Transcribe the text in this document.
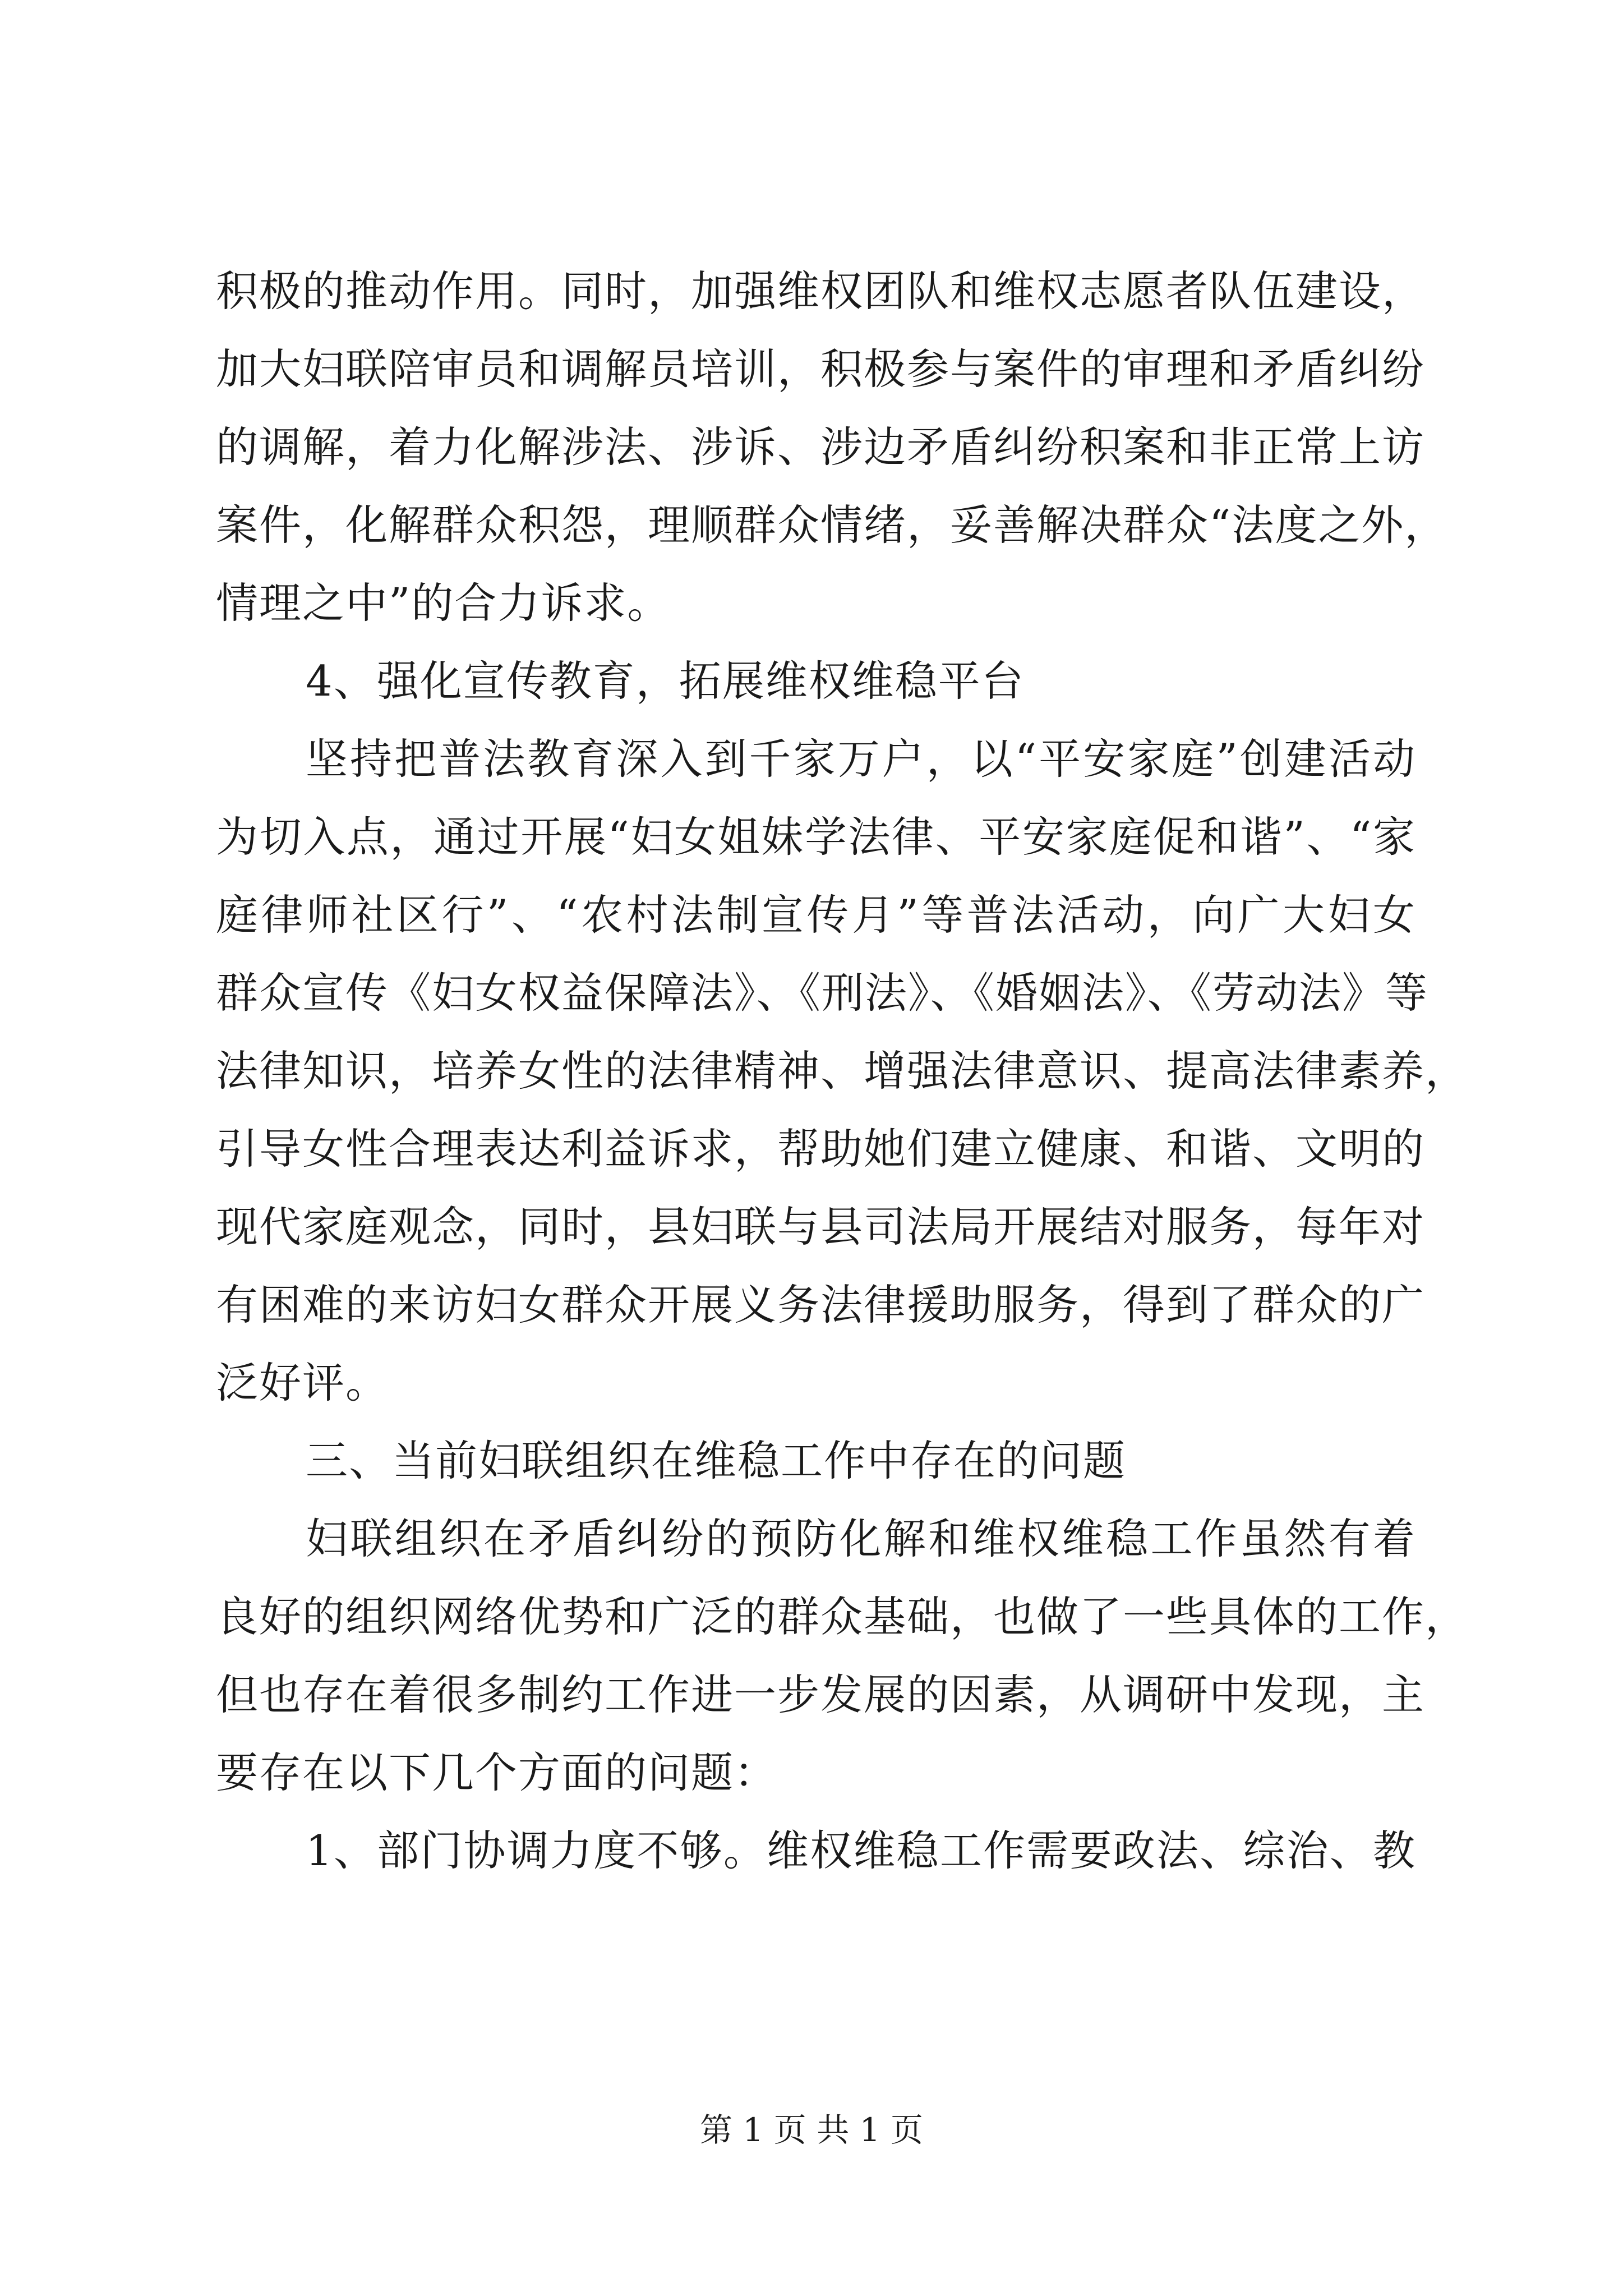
积极的推动作用。同时，加强维权团队和维权志愿者队伍建设，
加大妇联陪审员和调解员培训，积极参与案件的审理和矛盾纠纷
的调解，着力化解涉法、涉诉、涉边矛盾纠纷积案和非正常上访
案件，化解群众积怨，理顺群众情绪，妥善解决群众“法度之外，
情理之中”的合力诉求。
4、强化宣传教育，拓展维权维稳平台
坚持把普法教育深入到千家万户，以“平安家庭”创建活动
为切入点，通过开展“妇女姐妹学法律、平安家庭促和谐”、“家
庭律师社区行”、“农村法制宣传月”等普法活动，向广大妇女
群众宣传《妇女权益保障法》、《刑法》、《婚姻法》、《劳动法》等
法律知识，培养女性的法律精神、增强法律意识、提高法律素养，
引导女性合理表达利益诉求，帮助她们建立健康、和谐、文明的
现代家庭观念，同时，县妇联与县司法局开展结对服务，每年对
有困难的来访妇女群众开展义务法律援助服务，得到了群众的广
泛好评。
三、当前妇联组织在维稳工作中存在的问题
妇联组织在矛盾纠纷的预防化解和维权维稳工作虽然有着
良好的组织网络优势和广泛的群众基础，也做了一些具体的工作，
但也存在着很多制约工作进一步发展的因素，从调研中发现，主
要存在以下几个方面的问题：
1、部门协调力度不够。维权维稳工作需要政法、综治、教
第 1 页 共 1 页
